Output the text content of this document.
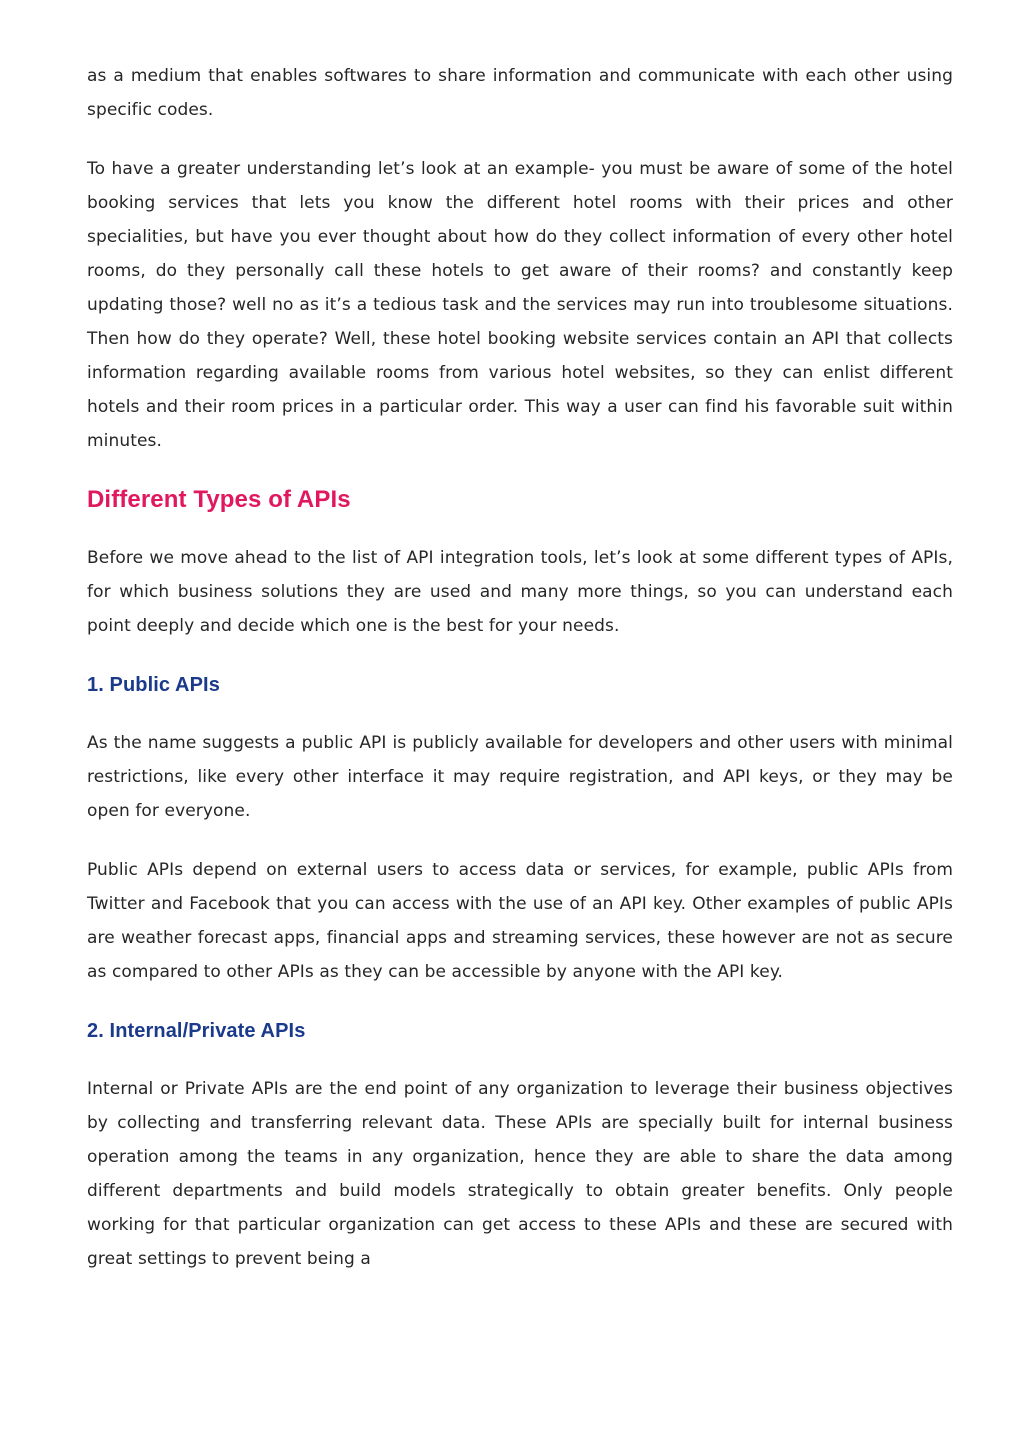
as a medium that enables softwares to share information and communicate with each other using specific codes.

To have a greater understanding let’s look at an example- you must be aware of some of the hotel booking services that lets you know the different hotel rooms with their prices and other specialities, but have you ever thought about how do they collect information of every other hotel rooms, do they personally call these hotels to get aware of their rooms? and constantly keep updating those? well no as it’s a tedious task and the services may run into troublesome situations. Then how do they operate? Well, these hotel booking website services contain an API that collects information regarding available rooms from various hotel websites, so they can enlist different hotels and their room prices in a particular order. This way a user can find his favorable suit within minutes.

Different Types of APIs

Before we move ahead to the list of API integration tools, let’s look at some different types of APIs, for which business solutions they are used and many more things, so you can understand each point deeply and decide which one is the best for your needs.

1. Public APIs

As the name suggests a public API is publicly available for developers and other users with minimal restrictions, like every other interface it may require registration, and API keys, or they may be open for everyone.

Public APIs depend on external users to access data or services, for example, public APIs from Twitter and Facebook that you can access with the use of an API key. Other examples of public APIs are weather forecast apps, financial apps and streaming services, these however are not as secure as compared to other APIs as they can be accessible by anyone with the API key.

2. Internal/Private APIs

Internal or Private APIs are the end point of any organization to leverage their business objectives by collecting and transferring relevant data. These APIs are specially built for internal business operation among the teams in any organization, hence they are able to share the data among different departments and build models strategically to obtain greater benefits. Only people working for that particular organization can get access to these APIs and these are secured with great settings to prevent being a
